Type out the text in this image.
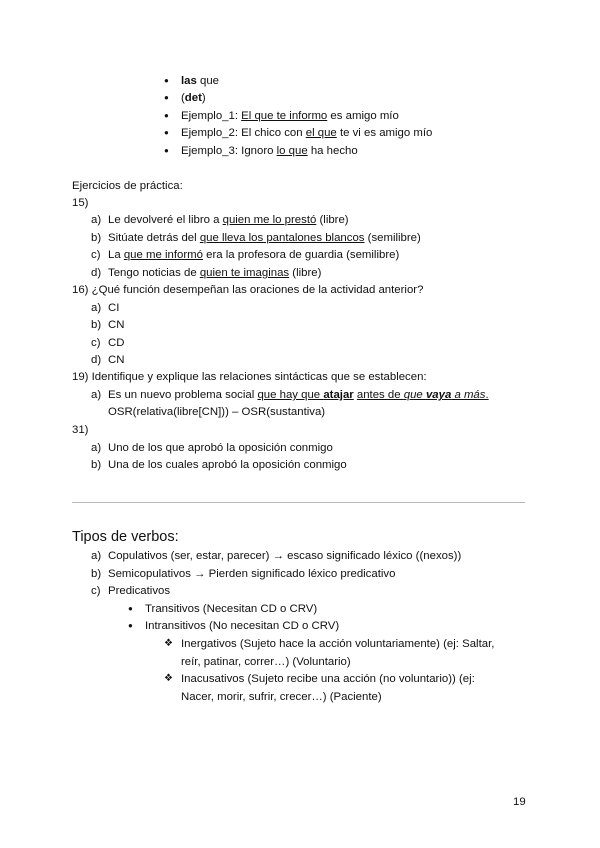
● las que
● (det)
● Ejemplo_1: El que te informo es amigo mío
● Ejemplo_2: El chico con el que te vi es amigo mío
● Ejemplo_3: Ignoro lo que ha hecho
Ejercicios de práctica:
15)
a) Le devolveré el libro a quien me lo prestó (libre)
b) Sitúate detrás del que lleva los pantalones blancos (semilibre)
c) La que me informó era la profesora de guardia (semilibre)
d) Tengo noticias de quien te imaginas (libre)
16) ¿Qué función desempeñan las oraciones de la actividad anterior?
a) CI
b) CN
c) CD
d) CN
19) Identifique y explique las relaciones sintácticas que se establecen:
a) Es un nuevo problema social que hay que atajar antes de que vaya a más.
OSR(relativa(libre[CN])) – OSR(sustantiva)
31)
a) Uno de los que aprobó la oposición conmigo
b) Una de los cuales aprobó la oposición conmigo
Tipos de verbos:
a) Copulativos (ser, estar, parecer) → escaso significado léxico ((nexos))
b) Semicopulativos → Pierden significado léxico predicativo
c) Predicativos
● Transitivos (Necesitan CD o CRV)
● Intransitivos (No necesitan CD o CRV)
❖ Inergativos (Sujeto hace la acción voluntariamente) (ej: Saltar,
reír, patinar, correr…) (Voluntario)
❖ Inacusativos (Sujeto recibe una acción (no voluntario)) (ej:
Nacer, morir, sufrir, crecer…) (Paciente)
19
